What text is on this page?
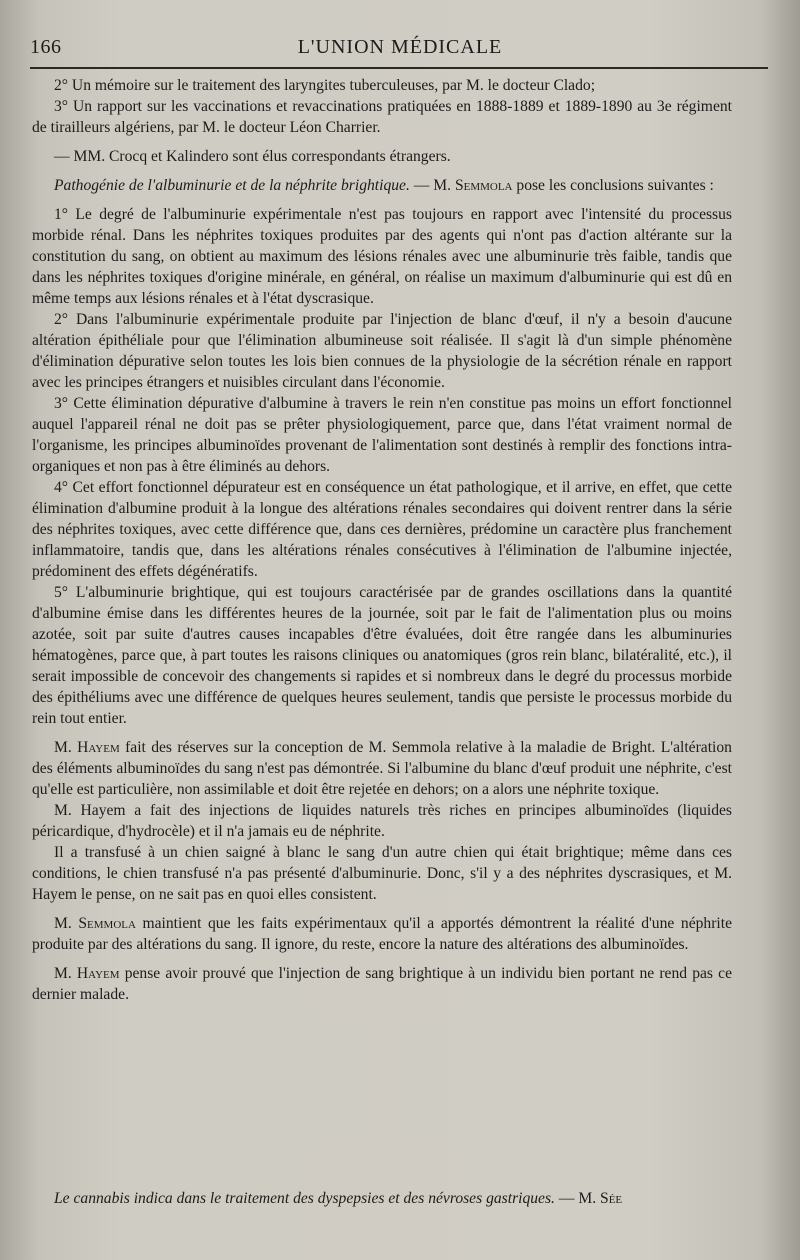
166	L'UNION MÉDICALE

2° Un mémoire sur le traitement des laryngites tuberculeuses, par M. le docteur Clado;

3° Un rapport sur les vaccinations et revaccinations pratiquées en 1888-1889 et 1889-1890 au 3e régiment de tirailleurs algériens, par M. le docteur Léon Charrier.

— MM. Crocq et Kalindero sont élus correspondants étrangers.

Pathogénie de l'albuminurie et de la néphrite brightique. — M. Semmola pose les conclusions suivantes :

1° Le degré de l'albuminurie expérimentale n'est pas toujours en rapport avec l'intensité du processus morbide rénal. Dans les néphrites toxiques produites par des agents qui n'ont pas d'action altérante sur la constitution du sang, on obtient au maximum des lésions rénales avec une albuminurie très faible, tandis que dans les néphrites toxiques d'origine minérale, en général, on réalise un maximum d'albuminurie qui est dû en même temps aux lésions rénales et à l'état dyscrasique.

2° Dans l'albuminurie expérimentale produite par l'injection de blanc d'œuf, il n'y a besoin d'aucune altération épithéliale pour que l'élimination albumineuse soit réalisée. Il s'agit là d'un simple phénomène d'élimination dépurative selon toutes les lois bien connues de la physiologie de la sécrétion rénale en rapport avec les principes étrangers et nuisibles circulant dans l'économie.

3° Cette élimination dépurative d'albumine à travers le rein n'en constitue pas moins un effort fonctionnel auquel l'appareil rénal ne doit pas se prêter physiologiquement, parce que, dans l'état vraiment normal de l'organisme, les principes albuminoïdes provenant de l'alimentation sont destinés à remplir des fonctions intra-organiques et non pas à être éliminés au dehors.

4° Cet effort fonctionnel dépurateur est en conséquence un état pathologique, et il arrive, en effet, que cette élimination d'albumine produit à la longue des altérations rénales secondaires qui doivent rentrer dans la série des néphrites toxiques, avec cette différence que, dans ces dernières, prédomine un caractère plus franchement inflammatoire, tandis que, dans les altérations rénales consécutives à l'élimination de l'albumine injectée, prédominent des effets dégénératifs.

5° L'albuminurie brightique, qui est toujours caractérisée par de grandes oscillations dans la quantité d'albumine émise dans les différentes heures de la journée, soit par le fait de l'alimentation plus ou moins azotée, soit par suite d'autres causes incapables d'être évaluées, doit être rangée dans les albuminuries hématogènes, parce que, à part toutes les raisons cliniques ou anatomiques (gros rein blanc, bilatéralité, etc.), il serait impossible de concevoir des changements si rapides et si nombreux dans le degré du processus morbide des épithéliums avec une différence de quelques heures seulement, tandis que persiste le processus morbide du rein tout entier.

M. Hayem fait des réserves sur la conception de M. Semmola relative à la maladie de Bright. L'altération des éléments albuminoïdes du sang n'est pas démontrée. Si l'albumine du blanc d'œuf produit une néphrite, c'est qu'elle est particulière, non assimilable et doit être rejetée en dehors; on a alors une néphrite toxique.

M. Hayem a fait des injections de liquides naturels très riches en principes albuminoïdes (liquides péricardique, d'hydrocèle) et il n'a jamais eu de néphrite.

Il a transfusé à un chien saigné à blanc le sang d'un autre chien qui était brightique; même dans ces conditions, le chien transfusé n'a pas présenté d'albuminurie. Donc, s'il y a des néphrites dyscrasiques, et M. Hayem le pense, on ne sait pas en quoi elles consistent.

M. Semmola maintient que les faits expérimentaux qu'il a apportés démontrent la réalité d'une néphrite produite par des altérations du sang. Il ignore, du reste, encore la nature des altérations des albuminoïdes.

M. Hayem pense avoir prouvé que l'injection de sang brightique à un individu bien portant ne rend pas ce dernier malade.

Le cannabis indica dans le traitement des dyspepsies et des névroses gastriques. — M. Sée
